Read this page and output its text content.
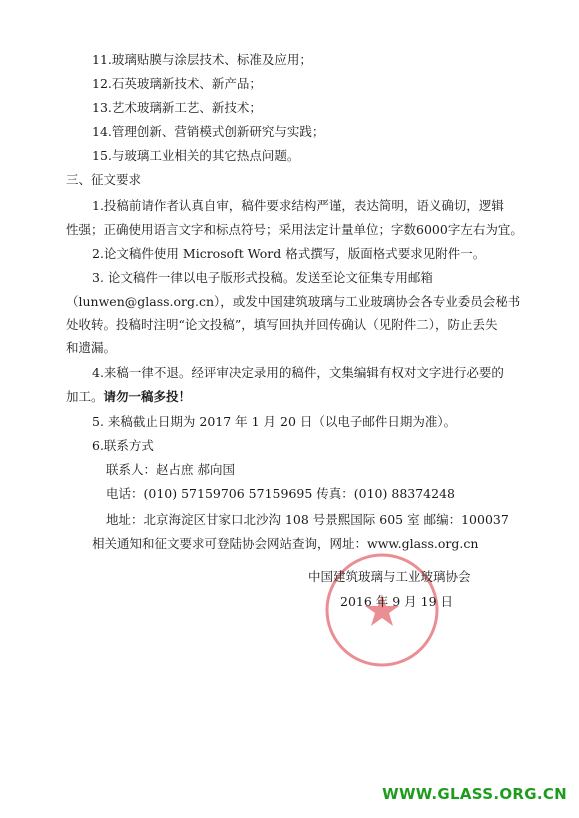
11.玻璃贴膜与涂层技术、标准及应用；
12.石英玻璃新技术、新产品；
13.艺术玻璃新工艺、新技术；
14.管理创新、营销模式创新研究与实践；
15.与玻璃工业相关的其它热点问题。
三、征文要求
1.投稿前请作者认真自审，稿件要求结构严谨，表达简明，语义确切，逻辑
性强；正确使用语言文字和标点符号；采用法定计量单位；字数6000字左右为宜。
2.论文稿件使用 Microsoft Word 格式撰写，版面格式要求见附件一。
3. 论文稿件一律以电子版形式投稿。发送至论文征集专用邮箱
（lunwen@glass.org.cn），或发中国建筑玻璃与工业玻璃协会各专业委员会秘书
处收转。投稿时注明“论文投稿”，填写回执并回传确认（见附件二），防止丢失
和遗漏。
4.来稿一律不退。经评审决定录用的稿件，文集编辑有权对文字进行必要的
加工。请勿一稿多投！
5. 来稿截止日期为 2017 年 1 月 20 日（以电子邮件日期为准）。
6.联系方式
联系人：赵占庶 郝向国
电话：(010) 57159706 57159695 传真：(010) 88374248
地址：北京海淀区甘家口北沙沟 108 号景熙国际 605 室 邮编：100037
相关通知和征文要求可登陆协会网站查询，网址：www.glass.org.cn
中国建筑玻璃与工业玻璃协会
2016 年 9 月 19 日
WWW.GLASS.ORG.CN
